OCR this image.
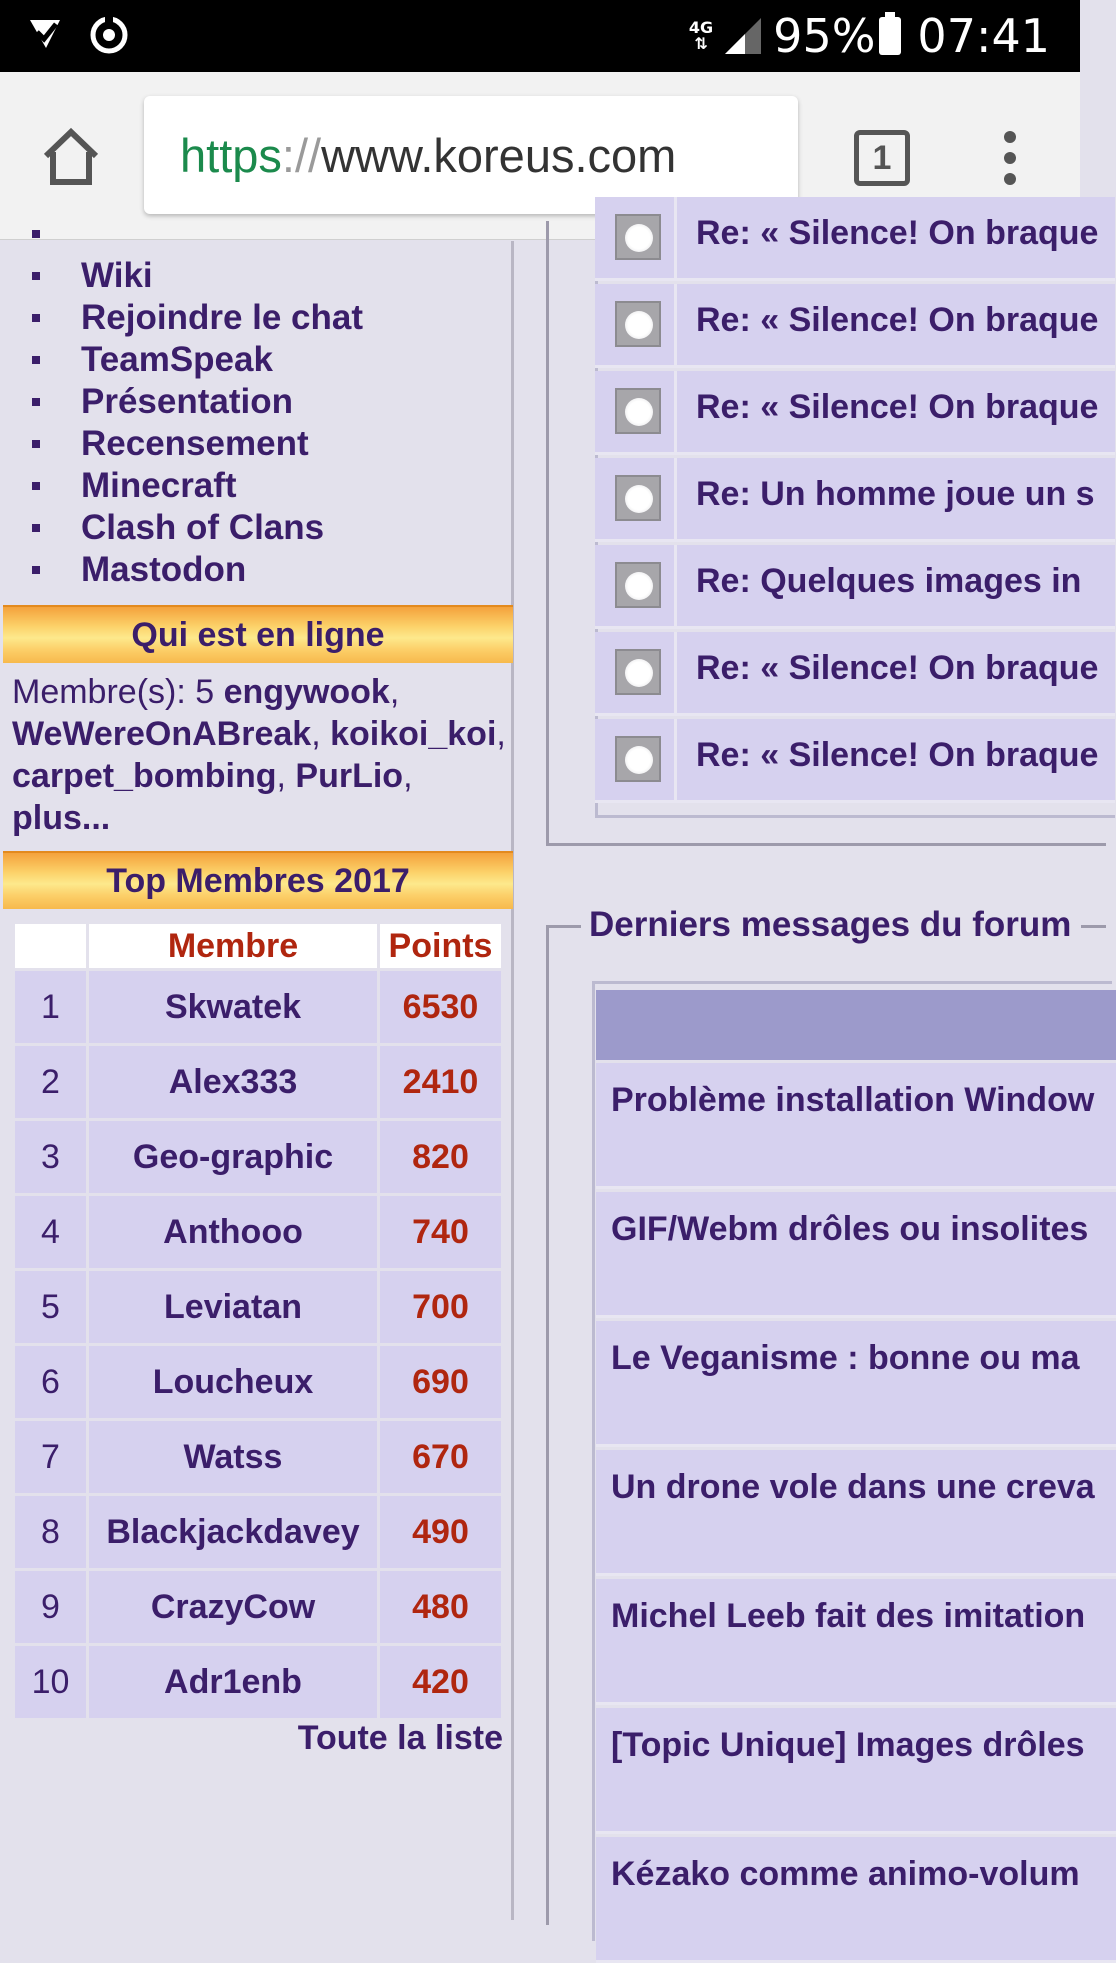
4G
⇅ 95% 07:41
https :// www.koreus.com	1

Wiki
Rejoindre le chat
TeamSpeak
Présentation
Recensement
Minecraft
Clash of Clans
Mastodon
Qui est en ligne
Membre(s): 5 engywook, WeWereOnABreak, koikoi_koi, carpet_bombing, PurLio, plus...
Top Membres 2017
	Membre	Points
1	Skwatek	6530
2	Alex333	2410
3	Geo-graphic	820
4	Anthooo	740
5	Leviatan	700
6	Loucheux	690
7	Watss	670
8	Blackjackdavey	490
9	CrazyCow	480
10	Adr1enb	420
Toute la liste
Re: « Silence! On braque
Re: « Silence! On braque
Re: « Silence! On braque
Re: Un homme joue un s
Re: Quelques images in
Re: « Silence! On braque
Re: « Silence! On braque
Derniers messages du forum
Problème installation Window
GIF/Webm drôles ou insolites
Le Veganisme : bonne ou ma
Un drone vole dans une creva
Michel Leeb fait des imitation
[Topic Unique] Images drôles
Kézako comme animo-volum
